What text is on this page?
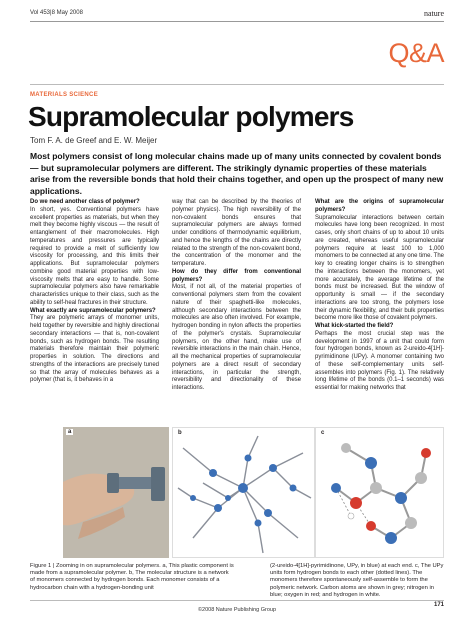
Vol 453|8 May 2008	nature
Q&A
MATERIALS SCIENCE
Supramolecular polymers
Tom F. A. de Greef and E. W. Meijer
Most polymers consist of long molecular chains made up of many units connected by covalent bonds — but supramolecular polymers are different. The strikingly dynamic properties of these materials arise from the reversible bonds that hold their chains together, and open up the prospect of many new applications.

Do we need another class of polymer?

In short, yes. Conventional polymers have excellent properties as materials, but when they melt they become highly viscous — the result of entanglement of their macromolecules. High temperatures and pressures are typically required to provide a melt of sufficiently low viscosity for processing, and this limits their applications. But supramolecular polymers combine good material properties with low-viscosity melts that are easy to handle. Some supramolecular polymers also have remarkable characteristics unique to their class, such as the ability to self-heal fractures in their structure.

What exactly are supramolecular polymers?

They are polymeric arrays of monomer units, held together by reversible and highly directional secondary interactions — that is, non-covalent bonds, such as hydrogen bonds. The resulting materials therefore maintain their polymeric properties in solution. The directions and strengths of the interactions are precisely tuned so that the array of molecules behaves as a polymer (that is, it behaves in a

way that can be described by the theories of polymer physics). The high reversibility of the non-covalent bonds ensures that supramolecular polymers are always formed under conditions of thermodynamic equilibrium, and hence the lengths of the chains are directly related to the strength of the non-covalent bond, the concentration of the monomer and the temperature.

How do they differ from conventional polymers?

Most, if not all, of the material properties of conventional polymers stem from the covalent nature of their spaghetti-like molecules, although secondary interactions between the molecules are also often involved. For example, hydrogen bonding in nylon affects the properties of the polymer's crystals. Supramolecular polymers, on the other hand, make use of reversible interactions in the main chain. Hence, all the mechanical properties of supramolecular polymers are a direct result of secondary interactions, in particular the strength, reversibility and directionality of these interactions.

What are the origins of supramolecular polymers?

Supramolecular interactions between certain molecules have long been recognized. In most cases, only short chains of up to about 10 units are created, whereas useful supramolecular polymers require at least 100 to 1,000 monomers to be connected at any one time. The key to creating longer chains is to strengthen the interactions between the monomers, yet more accurately, the average lifetime of the bonds must be increased. But the window of opportunity is small — if the secondary interactions are too strong, the polymers lose their dynamic flexibility, and their bulk properties become more like those of covalent polymers.

What kick-started the field?

Perhaps the most crucial step was the development in 1997 of a unit that could form four hydrogen bonds, known as 2-ureido-4[1H]-pyrimidinone (UPy). A monomer containing two of these self-complementary units self-assembles into polymers (Fig. 1). The relatively long lifetime of the bonds (0.1–1 seconds) was essential for making networks that

a	b	c
Figure 1 | Zooming in on supramolecular polymers. a, This plastic component is made from a supramolecular polymer. b, The molecular structure is a network of monomers connected by hydrogen bonds. Each monomer consists of a hydrocarbon chain with a hydrogen-bonding unit
(2-ureido-4[1H]-pyrimidinone, UPy, in blue) at each end. c, The UPy units form hydrogen bonds to each other (dotted lines). The monomers therefore spontaneously self-assemble to form the polymeric network. Carbon atoms are shown in grey; nitrogen in blue; oxygen in red; and hydrogen in white.
171
©2008 Nature Publishing Group
